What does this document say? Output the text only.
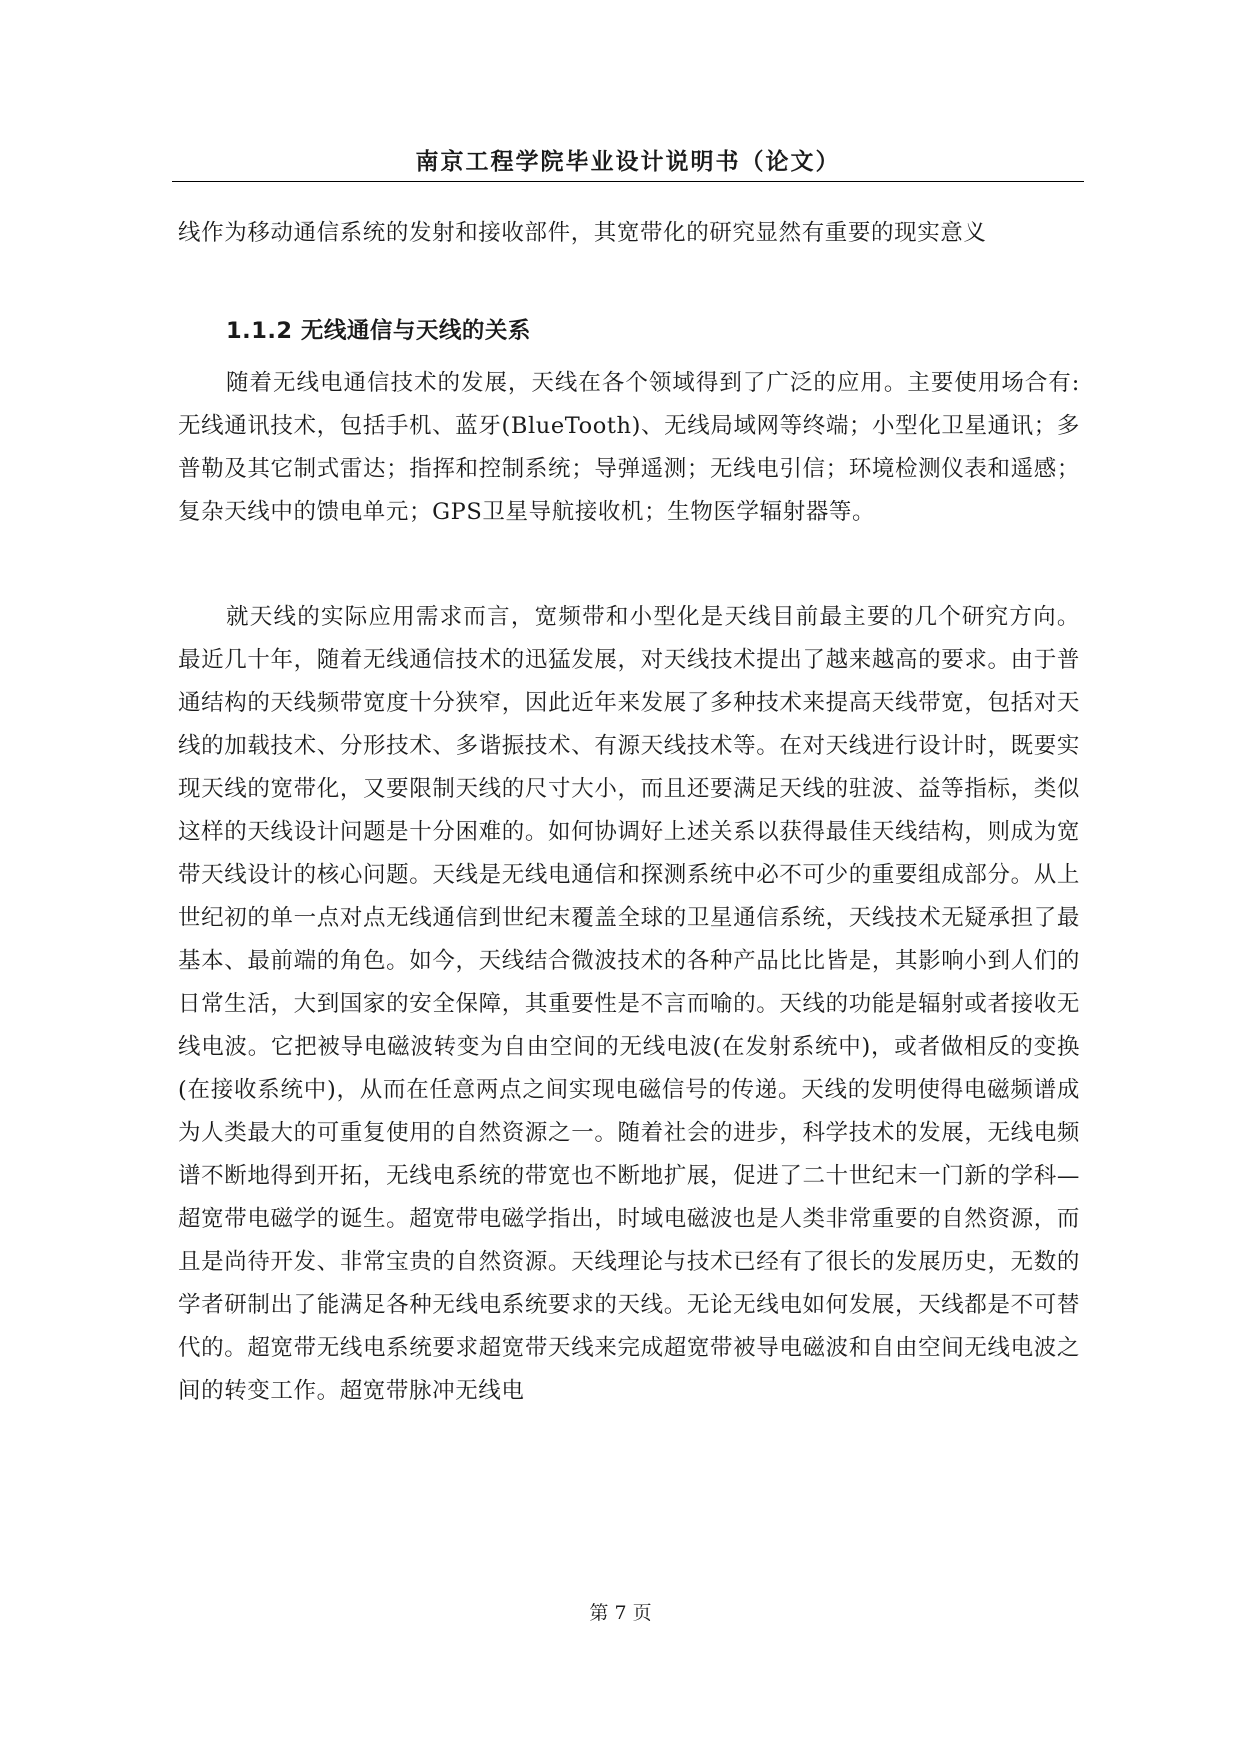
南京工程学院毕业设计说明书（论文）
线作为移动通信系统的发射和接收部件，其宽带化的研究显然有重要的现实意义
1.1.2 无线通信与天线的关系
随着无线电通信技术的发展，天线在各个领域得到了广泛的应用。主要使用场合有:无线通讯技术，包括手机、蓝牙(BlueTooth)、无线局域网等终端；小型化卫星通讯；多普勒及其它制式雷达；指挥和控制系统；导弹遥测；无线电引信；环境检测仪表和遥感；复杂天线中的馈电单元；GPS卫星导航接收机；生物医学辐射器等。
就天线的实际应用需求而言，宽频带和小型化是天线目前最主要的几个研究方向。最近几十年，随着无线通信技术的迅猛发展，对天线技术提出了越来越高的要求。由于普通结构的天线频带宽度十分狭窄，因此近年来发展了多种技术来提高天线带宽，包括对天线的加载技术、分形技术、多谐振技术、有源天线技术等。在对天线进行设计时，既要实现天线的宽带化，又要限制天线的尺寸大小，而且还要满足天线的驻波、益等指标，类似这样的天线设计问题是十分困难的。如何协调好上述关系以获得最佳天线结构，则成为宽带天线设计的核心问题。天线是无线电通信和探测系统中必不可少的重要组成部分。从上世纪初的单一点对点无线通信到世纪末覆盖全球的卫星通信系统，天线技术无疑承担了最基本、最前端的角色。如今，天线结合微波技术的各种产品比比皆是，其影响小到人们的日常生活，大到国家的安全保障，其重要性是不言而喻的。天线的功能是辐射或者接收无线电波。它把被导电磁波转变为自由空间的无线电波(在发射系统中)，或者做相反的变换(在接收系统中)，从而在任意两点之间实现电磁信号的传递。天线的发明使得电磁频谱成为人类最大的可重复使用的自然资源之一。随着社会的进步，科学技术的发展，无线电频谱不断地得到开拓，无线电系统的带宽也不断地扩展，促进了二十世纪末一门新的学科—超宽带电磁学的诞生。超宽带电磁学指出，时域电磁波也是人类非常重要的自然资源，而且是尚待开发、非常宝贵的自然资源。天线理论与技术已经有了很长的发展历史，无数的学者研制出了能满足各种无线电系统要求的天线。无论无线电如何发展，天线都是不可替代的。超宽带无线电系统要求超宽带天线来完成超宽带被导电磁波和自由空间无线电波之间的转变工作。超宽带脉冲无线电
第 7 页
